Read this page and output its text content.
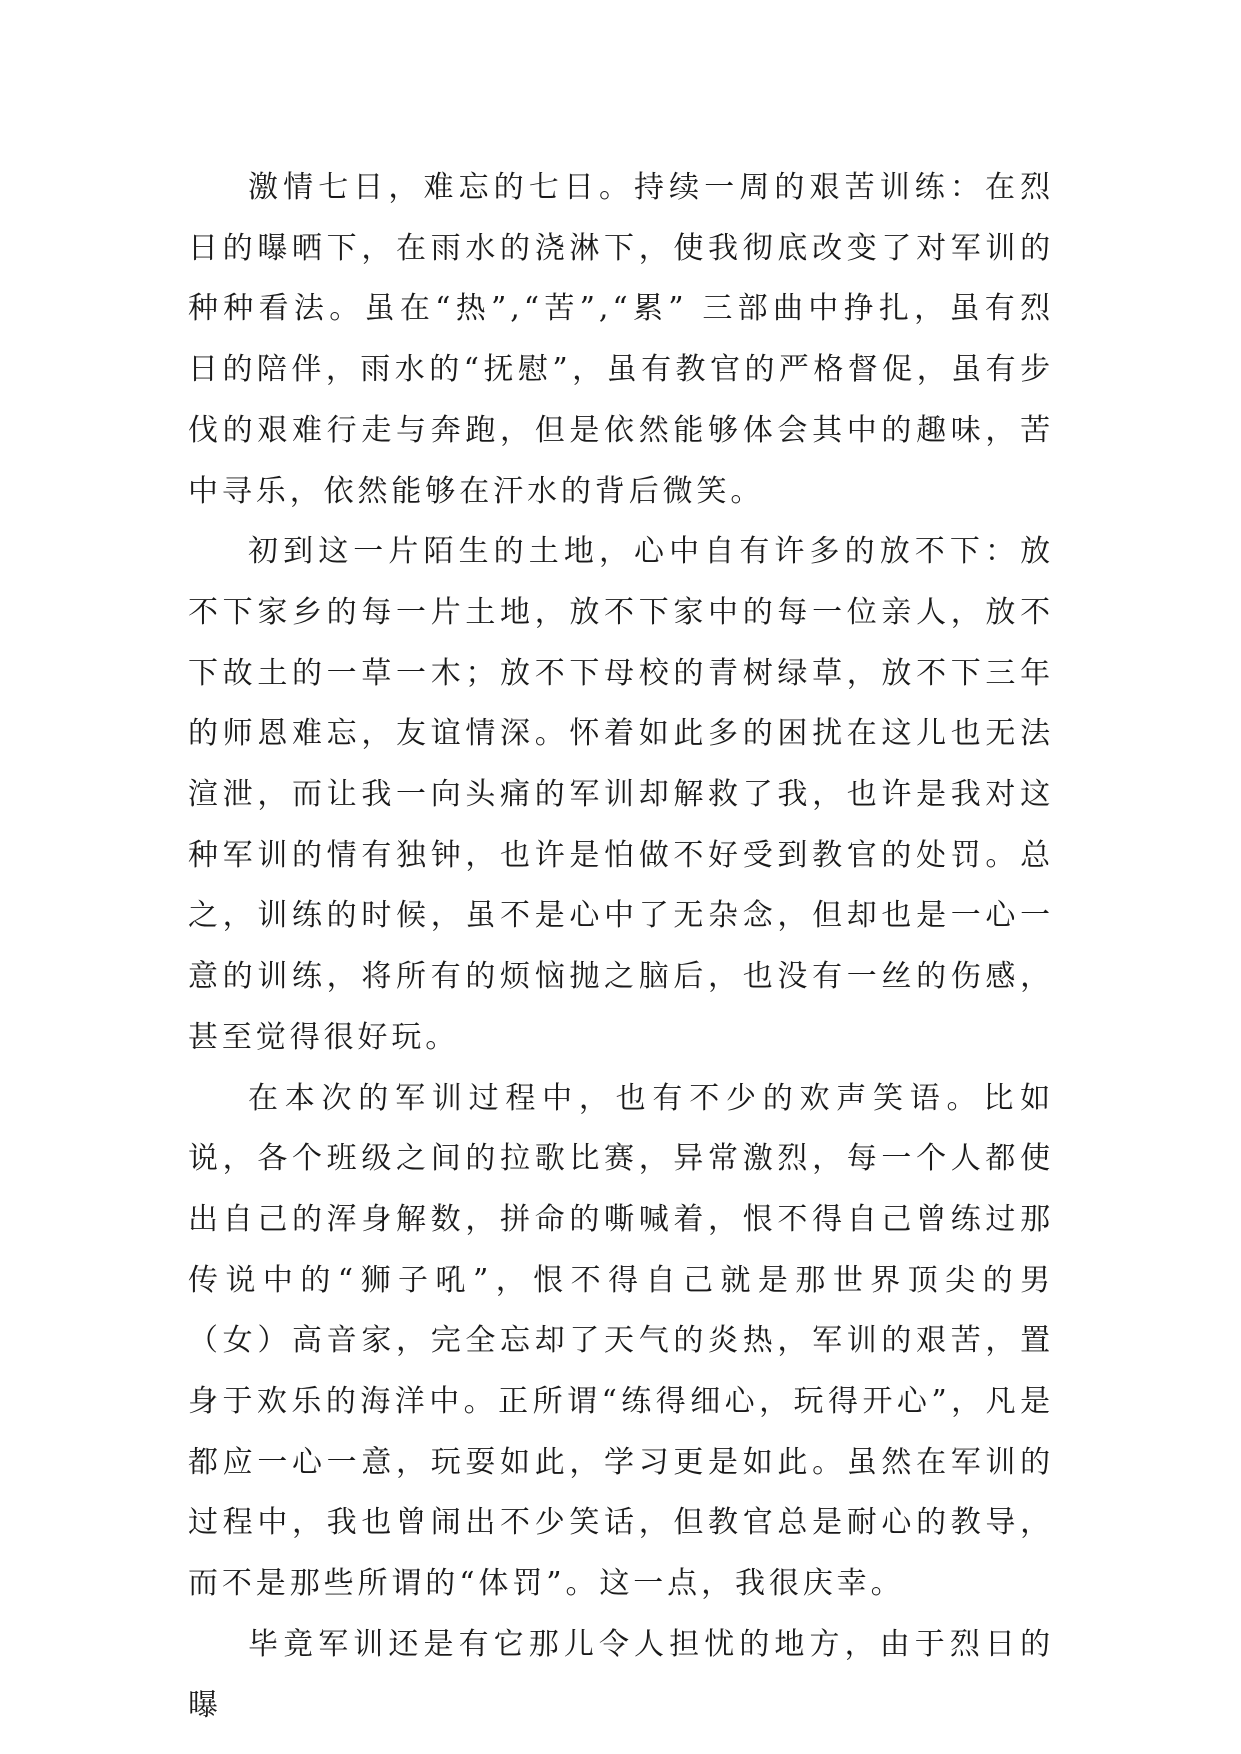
激情七日，难忘的七日。持续一周的艰苦训练：在烈日的曝晒下，在雨水的浇淋下，使我彻底改变了对军训的种种看法。虽在“热”,“苦”,“累” 三部曲中挣扎，虽有烈日的陪伴，雨水的“抚慰”，虽有教官的严格督促，虽有步伐的艰难行走与奔跑，但是依然能够体会其中的趣味，苦中寻乐，依然能够在汗水的背后微笑。

初到这一片陌生的土地，心中自有许多的放不下：放不下家乡的每一片土地，放不下家中的每一位亲人，放不下故土的一草一木；放不下母校的青树绿草，放不下三年的师恩难忘，友谊情深。怀着如此多的困扰在这儿也无法渲泄，而让我一向头痛的军训却解救了我，也许是我对这种军训的情有独钟，也许是怕做不好受到教官的处罚。总之，训练的时候，虽不是心中了无杂念，但却也是一心一意的训练，将所有的烦恼抛之脑后，也没有一丝的伤感，甚至觉得很好玩。

在本次的军训过程中，也有不少的欢声笑语。比如说，各个班级之间的拉歌比赛，异常激烈，每一个人都使出自己的浑身解数，拼命的嘶喊着，恨不得自己曾练过那传说中的“狮子吼”，恨不得自己就是那世界顶尖的男（女）高音家，完全忘却了天气的炎热，军训的艰苦，置身于欢乐的海洋中。正所谓“练得细心，玩得开心”，凡是都应一心一意，玩耍如此，学习更是如此。虽然在军训的过程中，我也曾闹出不少笑话，但教官总是耐心的教导，而不是那些所谓的“体罚”。这一点，我很庆幸。

毕竟军训还是有它那儿令人担忧的地方，由于烈日的曝
